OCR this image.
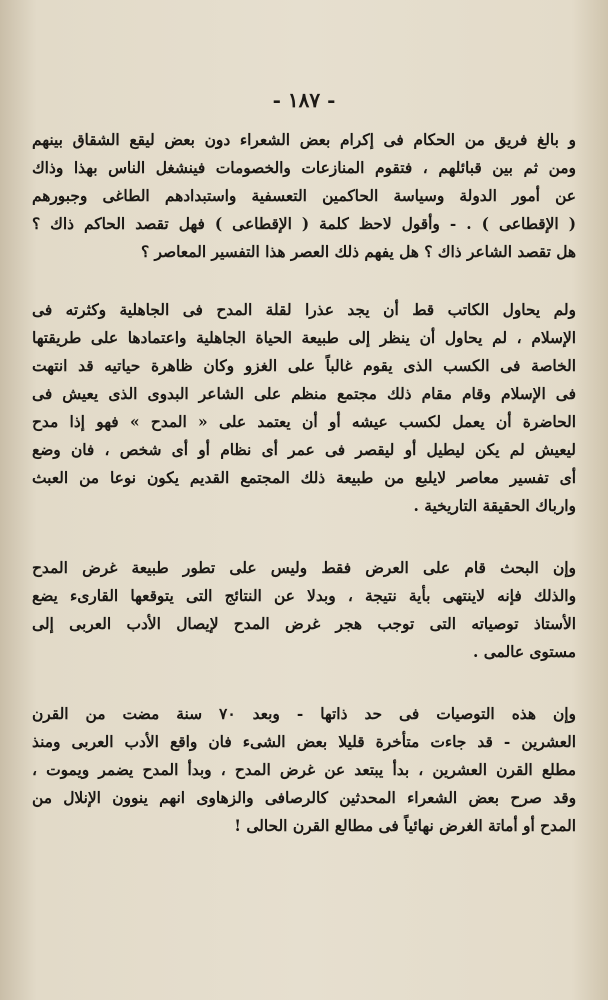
- ١٨٧ -
و بالغ فريق من الحكام فى إكرام بعض الشعراء دون بعض ليقع الشقاق بينهم
ومن ثم بين قبائلهم ، فتقوم المنازعات والخصومات فينشغل الناس بهذا وذاك
عن أمور الدولة وسياسة الحاكمين التعسفية واستبدادهم الطاغى وجبورهم
( الإقطاعى ) . - وأقول لاحظ كلمة ( الإقطاعى ) فهل تقصد الحاكم ذاك ؟
هل تقصد الشاعر ذاك ؟ هل يفهم ذلك العصر هذا التفسير المعاصر ؟
ولم يحاول الكاتب قط أن يجد عذرا لقلة المدح فى الجاهلية وكثرته فى
الإسلام ، لم يحاول أن ينظر إلى طبيعة الحياة الجاهلية واعتمادها على طريقتها
الخاصة فى الكسب الذى يقوم غالباً على الغزو وكان ظاهرة حياتيه قد انتهت
فى الإسلام وقام مقام ذلك مجتمع منظم على الشاعر البدوى الذى يعيش فى
الحاضرة أن يعمل لكسب عيشه أو أن يعتمد على « المدح » فهو إذا مدح
ليعيش لم يكن ليطيل أو ليقصر فى عمر أى نظام أو أى شخص ، فان وضع
أى تفسير معاصر لايلبع من طبيعة ذلك المجتمع القديم يكون نوعا من العبث
وارباك الحقيقة التاريخية .
وإن البحث قام على العرض فقط وليس على تطور طبيعة غرض المدح
والذلك فإنه لاينتهى بأية نتيجة ، وبدلا عن النتائج التى يتوقعها القارىء يضع
الأستاذ توصياته التى توجب هجر غرض المدح لإيصال الأدب العربى إلى
مستوى عالمى .
وإن هذه التوصيات فى حد ذاتها - وبعد ٧٠ سنة مضت من القرن
العشرين - قد جاءت متأخرة قليلا بعض الشىء فان واقع الأدب العربى ومنذ
مطلع القرن العشرين ، بدأ يبتعد عن غرض المدح ، وبدأ المدح يضمر ويموت ،
وقد صرح بعض الشعراء المحدثين كالرصافى والزهاوى انهم ينوون الإنلال من
المدح أو أماتة الغرض نهائياً فى مطالع القرن الحالى !
